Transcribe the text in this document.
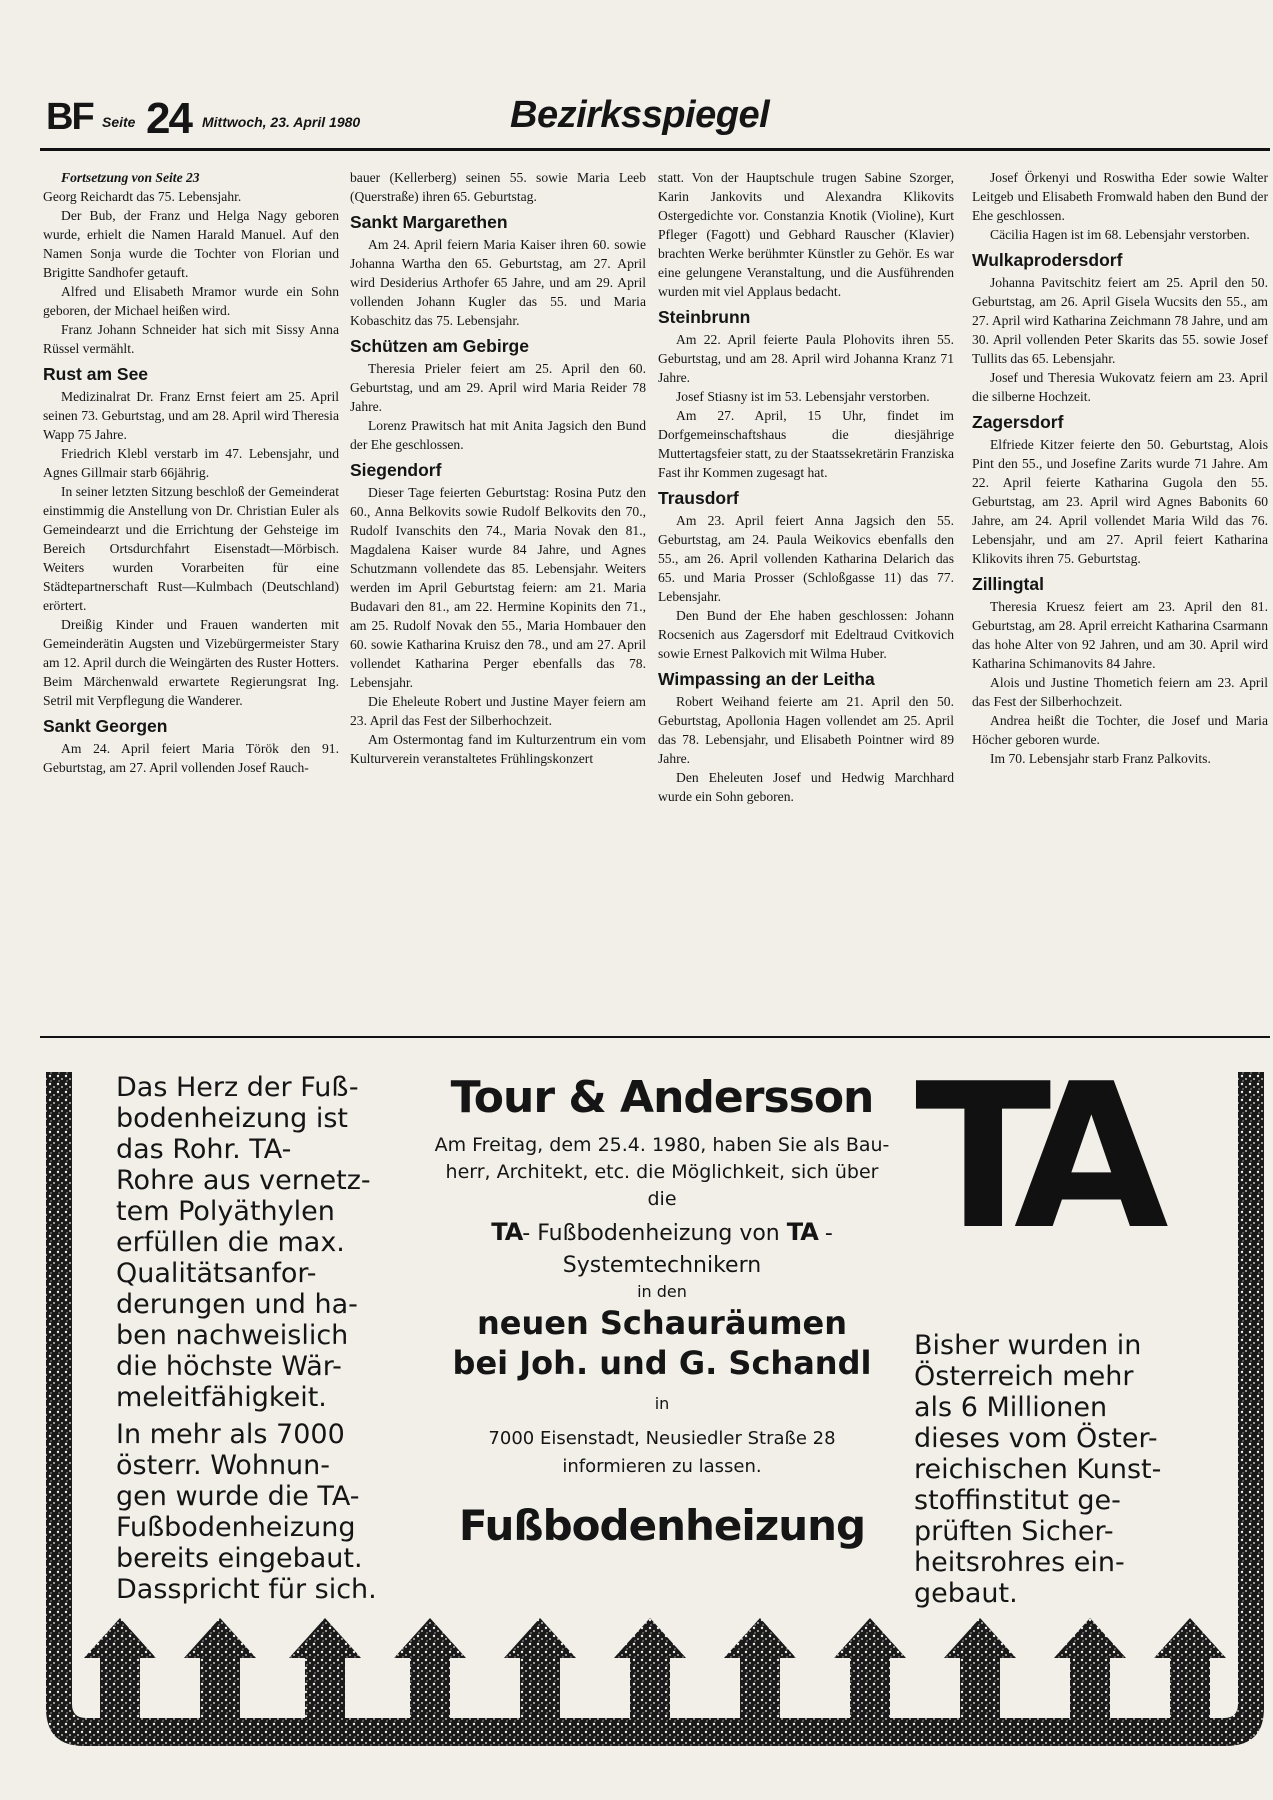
BF Seite 24 Mittwoch, 23. April 1980	Bezirksspiegel

Fortsetzung von Seite 23

Georg Reichardt das 75. Lebensjahr.

Der Bub, der Franz und Helga Nagy geboren wurde, erhielt die Namen Harald Manuel. Auf den Namen Sonja wurde die Tochter von Florian und Brigitte Sandhofer getauft.

Alfred und Elisabeth Mramor wurde ein Sohn geboren, der Michael heißen wird.

Franz Johann Schneider hat sich mit Sissy Anna Rüssel vermählt.

Rust am See

Medizinalrat Dr. Franz Ernst feiert am 25. April seinen 73. Geburtstag, und am 28. April wird Theresia Wapp 75 Jahre.

Friedrich Klebl verstarb im 47. Lebensjahr, und Agnes Gillmair starb 66jährig.

In seiner letzten Sitzung beschloß der Gemeinderat einstimmig die Anstellung von Dr. Christian Euler als Gemeindearzt und die Errichtung der Gehsteige im Bereich Ortsdurchfahrt Eisenstadt—Mörbisch. Weiters wurden Vorarbeiten für eine Städtepartnerschaft Rust—Kulmbach (Deutschland) erörtert.

Dreißig Kinder und Frauen wanderten mit Gemeinderätin Augsten und Vizebürgermeister Stary am 12. April durch die Weingärten des Ruster Hotters. Beim Märchenwald erwartete Regierungsrat Ing. Setril mit Verpflegung die Wanderer.

Sankt Georgen

Am 24. April feiert Maria Török den 91. Geburtstag, am 27. April vollenden Josef Rauch-

bauer (Kellerberg) seinen 55. sowie Maria Leeb (Querstraße) ihren 65. Geburtstag.

Sankt Margarethen

Am 24. April feiern Maria Kaiser ihren 60. sowie Johanna Wartha den 65. Geburtstag, am 27. April wird Desiderius Arthofer 65 Jahre, und am 29. April vollenden Johann Kugler das 55. und Maria Kobaschitz das 75. Lebensjahr.

Schützen am Gebirge

Theresia Prieler feiert am 25. April den 60. Geburtstag, und am 29. April wird Maria Reider 78 Jahre.

Lorenz Prawitsch hat mit Anita Jagsich den Bund der Ehe geschlossen.

Siegendorf

Dieser Tage feierten Geburtstag: Rosina Putz den 60., Anna Belkovits sowie Rudolf Belkovits den 70., Rudolf Ivanschits den 74., Maria Novak den 81., Magdalena Kaiser wurde 84 Jahre, und Agnes Schutzmann vollendete das 85. Lebensjahr. Weiters werden im April Geburtstag feiern: am 21. Maria Budavari den 81., am 22. Hermine Kopinits den 71., am 25. Rudolf Novak den 55., Maria Hombauer den 60. sowie Katharina Kruisz den 78., und am 27. April vollendet Katharina Perger ebenfalls das 78. Lebensjahr.

Die Eheleute Robert und Justine Mayer feiern am 23. April das Fest der Silberhochzeit.

Am Ostermontag fand im Kulturzentrum ein vom Kulturverein veranstaltetes Frühlingskonzert

statt. Von der Hauptschule trugen Sabine Szorger, Karin Jankovits und Alexandra Klikovits Ostergedichte vor. Constanzia Knotik (Violine), Kurt Pfleger (Fagott) und Gebhard Rauscher (Klavier) brachten Werke berühmter Künstler zu Gehör. Es war eine gelungene Veranstaltung, und die Ausführenden wurden mit viel Applaus bedacht.

Steinbrunn

Am 22. April feierte Paula Plohovits ihren 55. Geburtstag, und am 28. April wird Johanna Kranz 71 Jahre.

Josef Stiasny ist im 53. Lebensjahr verstorben.

Am 27. April, 15 Uhr, findet im Dorfgemeinschaftshaus die diesjährige Muttertagsfeier statt, zu der Staatssekretärin Franziska Fast ihr Kommen zugesagt hat.

Trausdorf

Am 23. April feiert Anna Jagsich den 55. Geburtstag, am 24. Paula Weikovics ebenfalls den 55., am 26. April vollenden Katharina Delarich das 65. und Maria Prosser (Schloßgasse 11) das 77. Lebensjahr.

Den Bund der Ehe haben geschlossen: Johann Rocsenich aus Zagersdorf mit Edeltraud Cvitkovich sowie Ernest Palkovich mit Wilma Huber.

Wimpassing an der Leitha

Robert Weihand feierte am 21. April den 50. Geburtstag, Apollonia Hagen vollendet am 25. April das 78. Lebensjahr, und Elisabeth Pointner wird 89 Jahre.

Den Eheleuten Josef und Hedwig Marchhard wurde ein Sohn geboren.

Josef Örkenyi und Roswitha Eder sowie Walter Leitgeb und Elisabeth Fromwald haben den Bund der Ehe geschlossen.

Cäcilia Hagen ist im 68. Lebensjahr verstorben.

Wulkaprodersdorf

Johanna Pavitschitz feiert am 25. April den 50. Geburtstag, am 26. April Gisela Wucsits den 55., am 27. April wird Katharina Zeichmann 78 Jahre, und am 30. April vollenden Peter Skarits das 55. sowie Josef Tullits das 65. Lebensjahr.

Josef und Theresia Wukovatz feiern am 23. April die silberne Hochzeit.

Zagersdorf

Elfriede Kitzer feierte den 50. Geburtstag, Alois Pint den 55., und Josefine Zarits wurde 71 Jahre. Am 22. April feierte Katharina Gugola den 55. Geburtstag, am 23. April wird Agnes Babonits 60 Jahre, am 24. April vollendet Maria Wild das 76. Lebensjahr, und am 27. April feiert Katharina Klikovits ihren 75. Geburtstag.

Zillingtal

Theresia Kruesz feiert am 23. April den 81. Geburtstag, am 28. April erreicht Katharina Csarmann das hohe Alter von 92 Jahren, und am 30. April wird Katharina Schimanovits 84 Jahre.

Alois und Justine Thometich feiern am 23. April das Fest der Silberhochzeit.

Andrea heißt die Tochter, die Josef und Maria Höcher geboren wurde.

Im 70. Lebensjahr starb Franz Palkovits.

Das Herz der Fuß-

bodenheizung ist

das Rohr. TA-

Rohre aus vernetz-

tem Polyäthylen

erfüllen die max.

Qualitätsanfor-

derungen und ha-

ben nachweislich

die höchste Wär-

meleitfähigkeit.

In mehr als 7000

österr. Wohnun-

gen wurde die TA-

Fußbodenheizung

bereits eingebaut.

Dasspricht für sich.

Tour & Andersson

Am Freitag, dem 25.4. 1980, haben Sie als Bau-

herr, Architekt, etc. die Möglichkeit, sich über

die

TA- Fußbodenheizung von TA -

Systemtechnikern

in den

neuen Schauräumen

bei Joh. und G. Schandl

in

7000 Eisenstadt, Neusiedler Straße 28

informieren zu lassen.

Fußbodenheizung
TA

Bisher wurden in

Österreich mehr

als 6 Millionen

dieses vom Öster-

reichischen Kunst-

stoffinstitut ge-

prüften Sicher-

heitsrohres ein-

gebaut.
